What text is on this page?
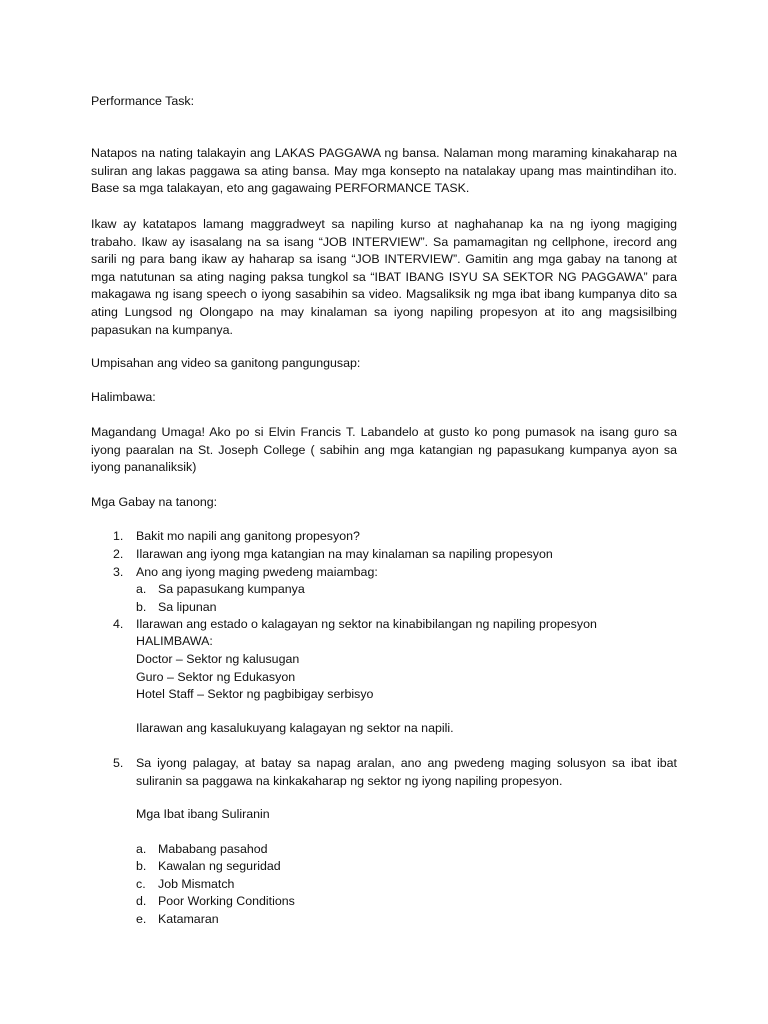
Performance Task:

Natapos na nating talakayin ang LAKAS PAGGAWA ng bansa. Nalaman mong maraming kinakaharap na suliran ang lakas paggawa sa ating bansa. May mga konsepto na natalakay upang mas maintindihan ito. Base sa mga talakayan, eto ang gagawaing PERFORMANCE TASK.

Ikaw ay katatapos lamang maggradweyt sa napiling kurso at naghahanap ka na ng iyong magiging trabaho. Ikaw ay isasalang na sa isang “JOB INTERVIEW”. Sa pamamagitan ng cellphone, irecord ang sarili ng para bang ikaw ay haharap sa isang “JOB INTERVIEW”. Gamitin ang mga gabay na tanong at mga natutunan sa ating naging paksa tungkol sa “IBAT IBANG ISYU SA SEKTOR NG PAGGAWA” para makagawa ng isang speech o iyong sasabihin sa video. Magsaliksik ng mga ibat ibang kumpanya dito sa ating Lungsod ng Olongapo na may kinalaman sa iyong napiling propesyon at ito ang magsisilbing papasukan na kumpanya.

Umpisahan ang video sa ganitong pangungusap:

Halimbawa:

Magandang Umaga! Ako po si Elvin Francis T. Labandelo at gusto ko pong pumasok na isang guro sa iyong paaralan na St. Joseph College ( sabihin ang mga katangian ng papasukang kumpanya ayon sa iyong pananaliksik)

Mga Gabay na tanong:

1. Bakit mo napili ang ganitong propesyon?
2. Ilarawan ang iyong mga katangian na may kinalaman sa napiling propesyon
3. Ano ang iyong maging pwedeng maiambag:
a. Sa papasukang kumpanya
b. Sa lipunan
4. Ilarawan ang estado o kalagayan ng sektor na kinabibilangan ng napiling propesyon
HALIMBAWA:
Doctor – Sektor ng kalusugan
Guro – Sektor ng Edukasyon
Hotel Staff – Sektor ng pagbibigay serbisyo
Ilarawan ang kasalukuyang kalagayan ng sektor na napili.
5. Sa iyong palagay, at batay sa napag aralan, ano ang pwedeng maging solusyon sa ibat ibat suliranin sa paggawa na kinkakaharap ng sektor ng iyong napiling propesyon.

Mga Ibat ibang Suliranin
a. Mababang pasahod
b. Kawalan ng seguridad
c. Job Mismatch
d. Poor Working Conditions
e. Katamaran
